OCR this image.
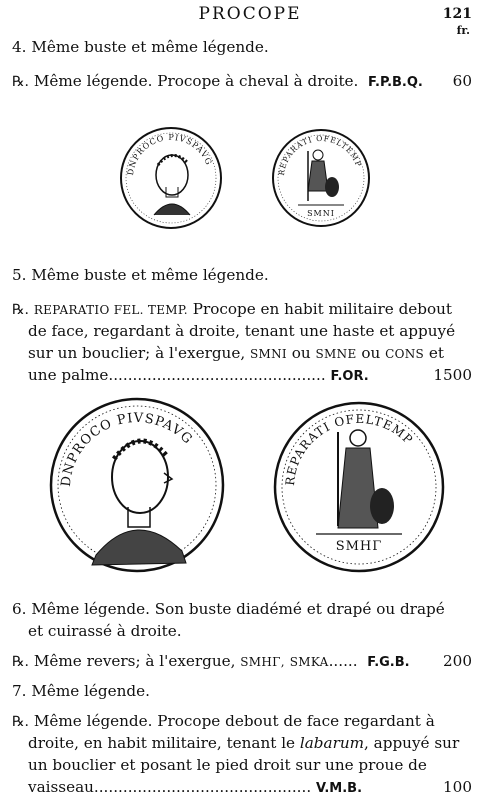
PROCOPE	121
fr.
4. Même buste et même légende.
℞. Même légende. Procope à cheval à droite. F.P.B.Q. 60
DNPROCO PIVSPAVG
REPARATI OFELTEMP
SMNI
5. Même buste et même légende.
℞. REPARATIO FEL. TEMP. Procope en habit militaire debout
de face, regardant à droite, tenant une haste et appuyé
sur un bouclier; à l'exergue, SMNI ou SMNE ou CONS et
une palme............................................. F.OR.	1500
DNPROCO PIVSPAVG
REPARATI OFELTEMP
SMHΓ
6. Même légende. Son buste diadémé et drapé ou drapé
et cuirassé à droite.
℞. Même revers; à l'exergue, SMHΓ, SMKA...... F.G.B. 200
7. Même légende.
℞. Même légende. Procope debout de face regardant à
droite, en habit militaire, tenant le labarum, appuyé sur
un bouclier et posant le pied droit sur une proue de
vaisseau............................................. V.M.B.	100
